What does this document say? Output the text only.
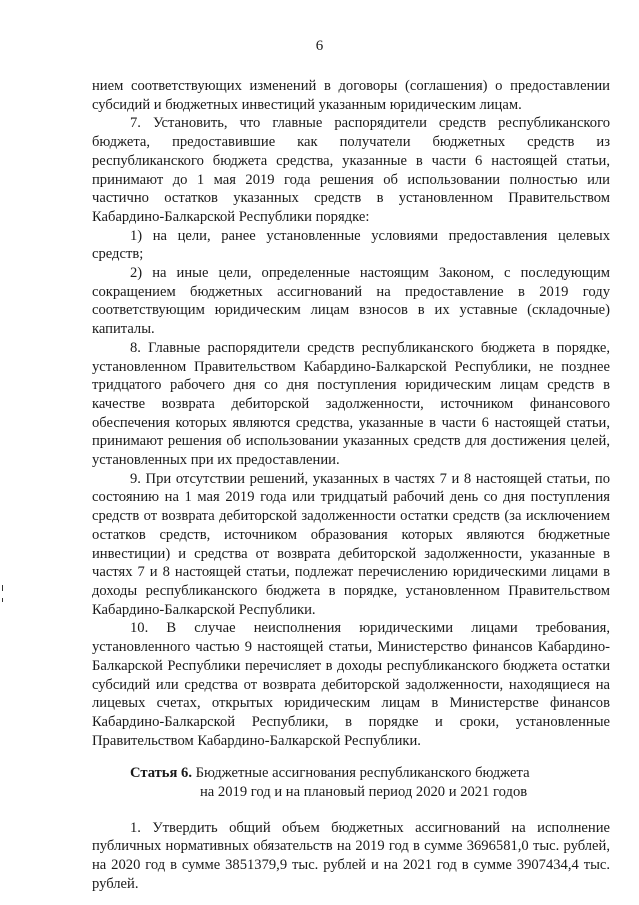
6

нием соответствующих изменений в договоры (соглашения) о предоставлении субсидий и бюджетных инвестиций указанным юридическим лицам.

7. Установить, что главные распорядители средств республиканского бюджета, предоставившие как получатели бюджетных средств из республиканского бюджета средства, указанные в части 6 настоящей статьи, принимают до 1 мая 2019 года решения об использовании полностью или частично остатков указанных средств в установленном Правительством Кабардино-Балкарской Республики порядке:

1) на цели, ранее установленные условиями предоставления целевых средств;

2) на иные цели, определенные настоящим Законом, с последующим сокращением бюджетных ассигнований на предоставление в 2019 году соответствующим юридическим лицам взносов в их уставные (складочные) капиталы.

8. Главные распорядители средств республиканского бюджета в порядке, установленном Правительством Кабардино-Балкарской Республики, не позднее тридцатого рабочего дня со дня поступления юридическим лицам средств в качестве возврата дебиторской задолженности, источником финансового обеспечения которых являются средства, указанные в части 6 настоящей статьи, принимают решения об использовании указанных средств для достижения целей, установленных при их предоставлении.

9. При отсутствии решений, указанных в частях 7 и 8 настоящей статьи, по состоянию на 1 мая 2019 года или тридцатый рабочий день со дня поступления средств от возврата дебиторской задолженности остатки средств (за исключением остатков средств, источником образования которых являются бюджетные инвестиции) и средства от возврата дебиторской задолженности, указанные в частях 7 и 8 настоящей статьи, подлежат перечислению юридическими лицами в доходы республиканского бюджета в порядке, установленном Правительством Кабардино-Балкарской Республики.

10. В случае неисполнения юридическими лицами требования, установленного частью 9 настоящей статьи, Министерство финансов Кабардино-Балкарской Республики перечисляет в доходы республиканского бюджета остатки субсидий или средства от возврата дебиторской задолженности, находящиеся на лицевых счетах, открытых юридическим лицам в Министерстве финансов Кабардино-Балкарской Республики, в порядке и сроки, установленные Правительством Кабардино-Балкарской Республики.

Статья 6. Бюджетные ассигнования республиканского бюджета
на 2019 год и на плановый период 2020 и 2021 годов

1. Утвердить общий объем бюджетных ассигнований на исполнение публичных нормативных обязательств на 2019 год в сумме 3696581,0 тыс. рублей, на 2020 год в сумме 3851379,9 тыс. рублей и на 2021 год в сумме 3907434,4 тыс. рублей.
